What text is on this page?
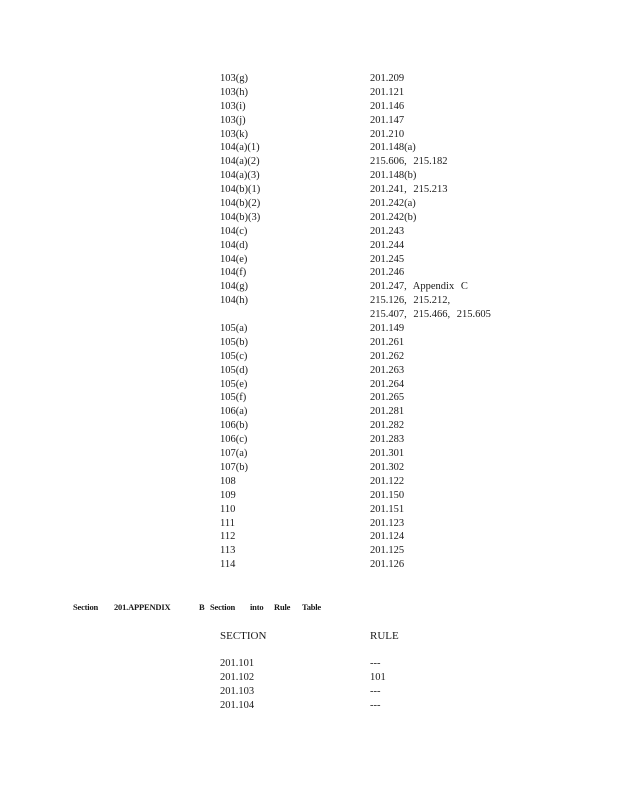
103(g)	201.209
103(h)	201.121
103(i)	201.146
103(j)	201.147
103(k)	201.210
104(a)(1)	201.148(a)
104(a)(2)	215.606, 215.182
104(a)(3)	201.148(b)
104(b)(1)	201.241, 215.213
104(b)(2)	201.242(a)
104(b)(3)	201.242(b)
104(c)	201.243
104(d)	201.244
104(e)	201.245
104(f)	201.246
104(g)	201.247, Appendix C
104(h)	215.126, 215.212,
215.407, 215.466, 215.605
105(a)	201.149
105(b)	201.261
105(c)	201.262
105(d)	201.263
105(e)	201.264
105(f)	201.265
106(a)	201.281
106(b)	201.282
106(c)	201.283
107(a)	201.301
107(b)	201.302
108	201.122
109	201.150
110	201.151
111	201.123
112	201.124
113	201.125
114	201.126
Section 201.APPENDIX	B Section into Rule Table
SECTION	RULE
201.101	---
201.102	101
201.103	---
201.104	---
